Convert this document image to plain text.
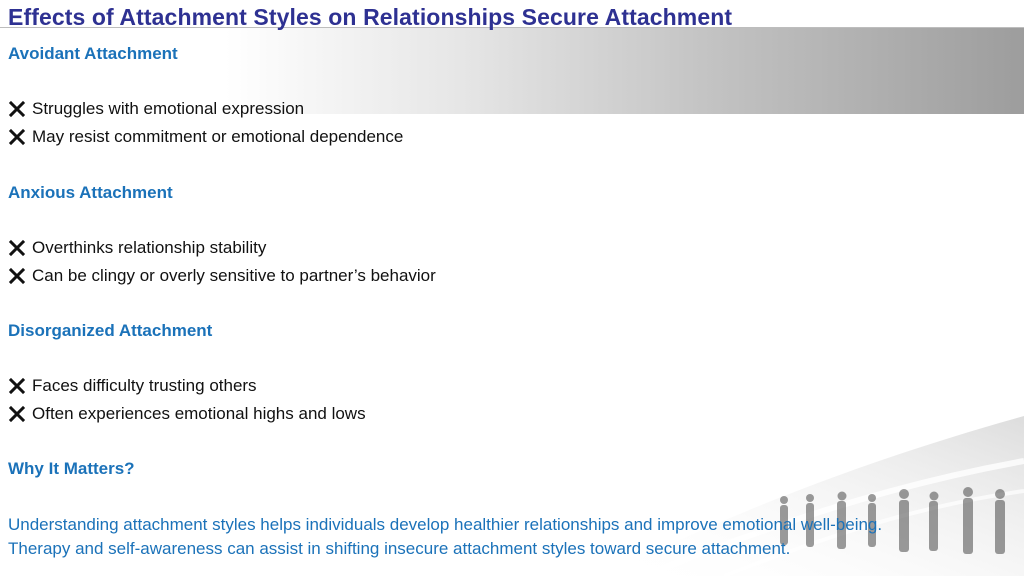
Effects of Attachment Styles on Relationships Secure Attachment
Avoidant Attachment
Struggles with emotional expression
May resist commitment or emotional dependence
Anxious Attachment
Overthinks relationship stability
Can be clingy or overly sensitive to partner’s behavior
Disorganized Attachment
Faces difficulty trusting others
Often experiences emotional highs and lows
Why It Matters?
Understanding attachment styles helps individuals develop healthier relationships and improve emotional well-being.
Therapy and self-awareness can assist in shifting insecure attachment styles toward secure attachment.
